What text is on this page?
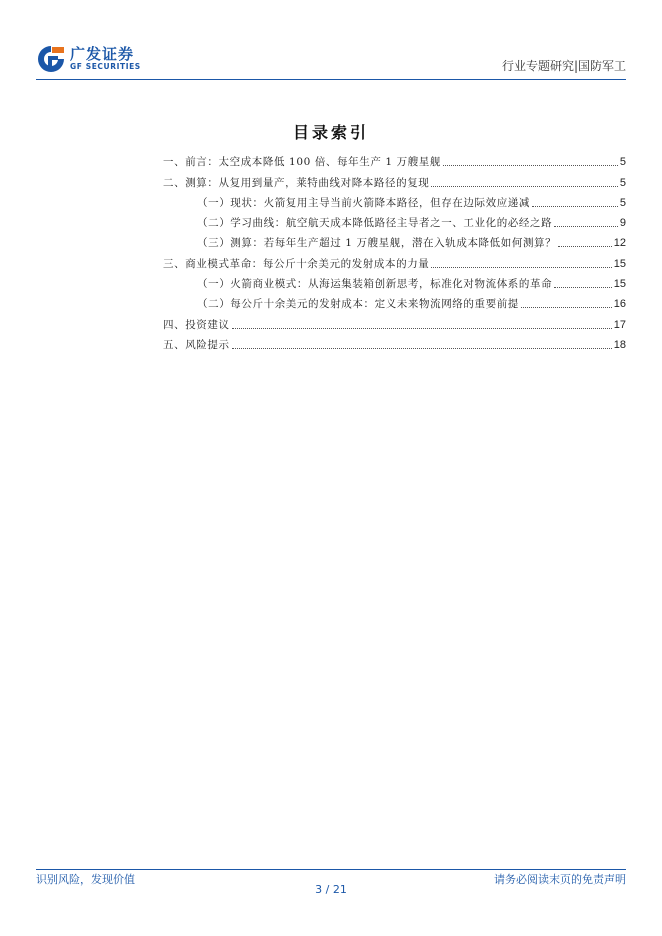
广发证券
GF SECURITIES	行业专题研究|国防军工
目录索引
一、前言：太空成本降低 100 倍、每年生产 1 万艘星舰	5
二、测算：从复用到量产，莱特曲线对降本路径的复现	5
（一）现状：火箭复用主导当前火箭降本路径，但存在边际效应递减	5
（二）学习曲线：航空航天成本降低路径主导者之一、工业化的必经之路	9
（三）测算：若每年生产超过 1 万艘星舰，潜在入轨成本降低如何测算？	12
三、商业模式革命：每公斤十余美元的发射成本的力量	15
（一）火箭商业模式：从海运集装箱创新思考，标准化对物流体系的革命	15
（二）每公斤十余美元的发射成本：定义未来物流网络的重要前提	16
四、投资建议	17
五、风险提示	18
识别风险，发现价值	请务必阅读末页的免责声明
3 / 21
